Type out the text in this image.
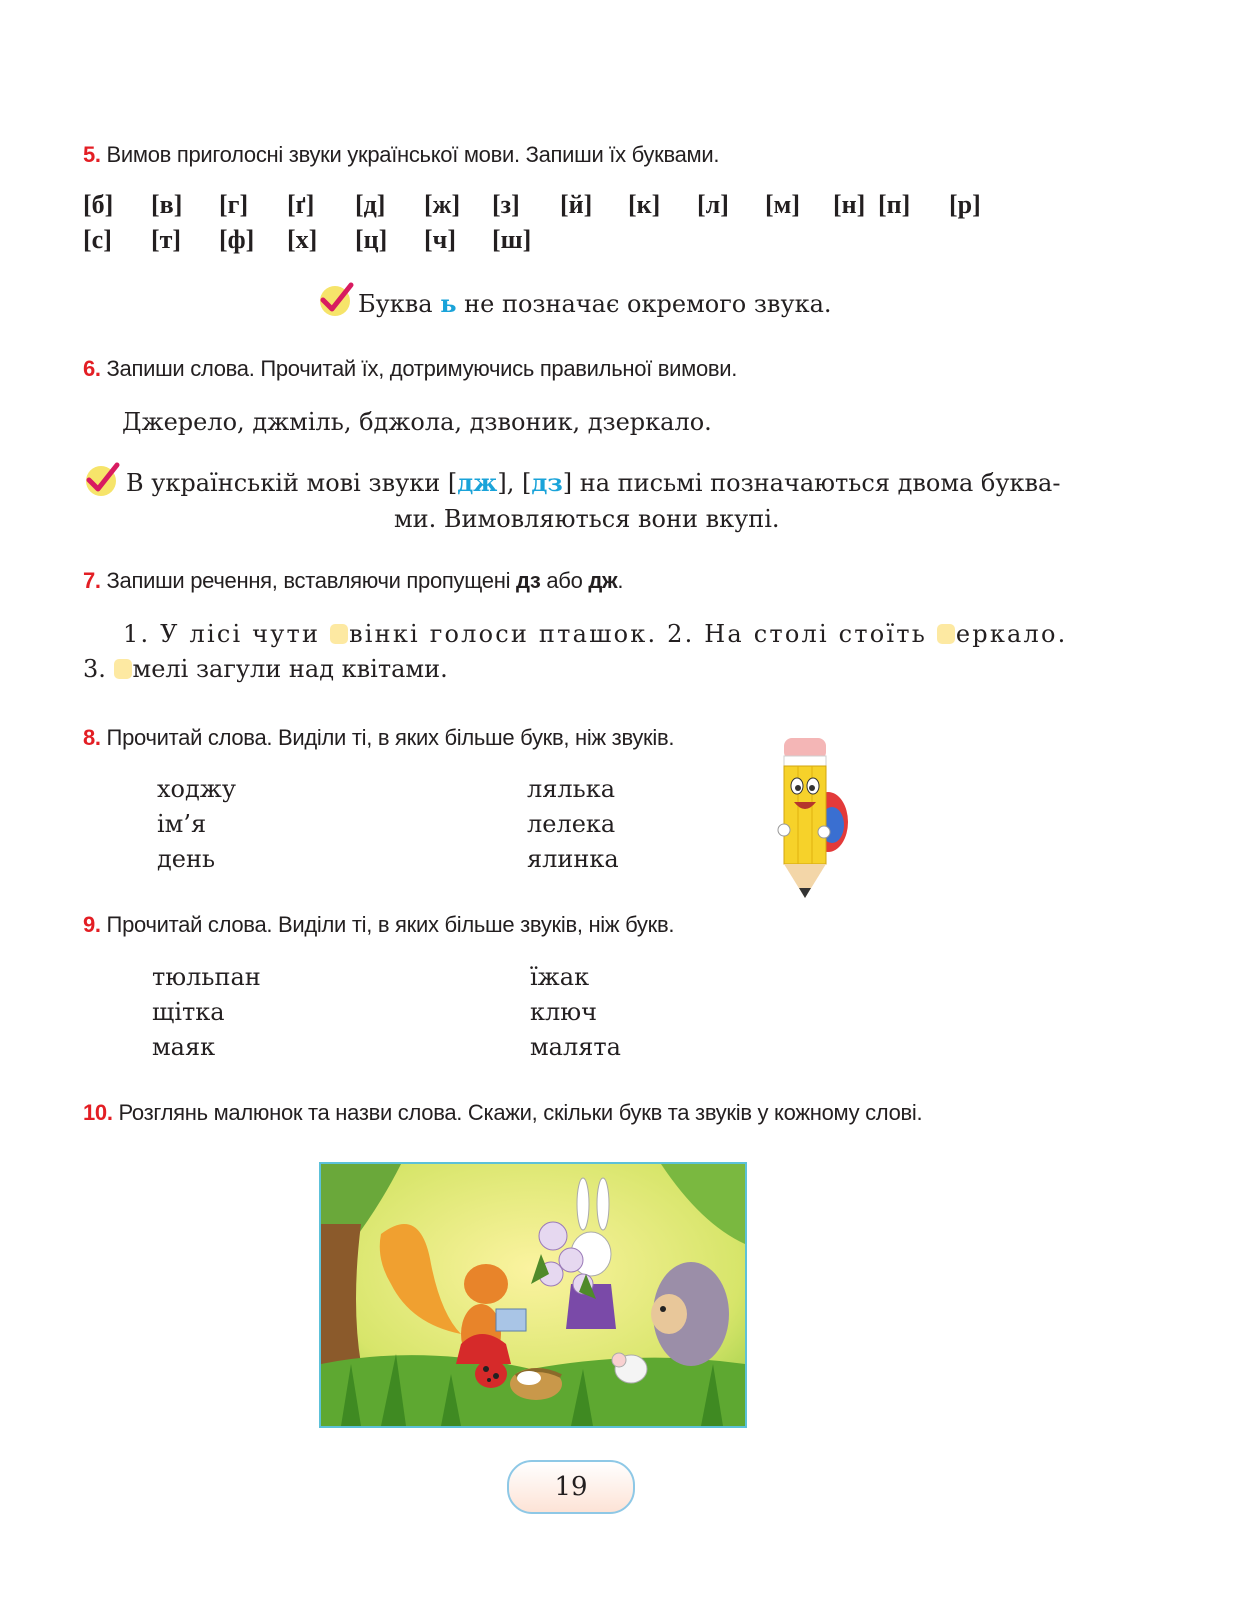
5. Вимов приголосні звуки української мови. Запиши їх буквами.
[б] [в] [г] [ґ] [д] [ж] [з] [й] [к] [л] [м] [н] [п] [р]
[с] [т] [ф] [х] [ц] [ч] [ш]
Буква ь не позначає окремого звука.
6. Запиши слова. Прочитай їх, дотримуючись правильної вимови.
Джерело, джміль, бджола, дзвоник, дзеркало.
В українській мові звуки [дж], [дз] на письмі позначаються двома буква-
ми. Вимовляються вони вкупі.
7. Запиши речення, вставляючи пропущені дз або дж.
1. У лісі чути вінкі голоси пташок. 2. На столі стоїть еркало.
3. мелі загули над квітами.
8. Прочитай слова. Виділи ті, в яких більше букв, ніж звуків.
ходжу
ім’я
день
лялька
лелека
ялинка
9. Прочитай слова. Виділи ті, в яких більше звуків, ніж букв.
тюльпан
щітка
маяк
їжак
ключ
малята
10. Розглянь малюнок та назви слова. Скажи, скільки букв та звуків у кожному слові.
19
